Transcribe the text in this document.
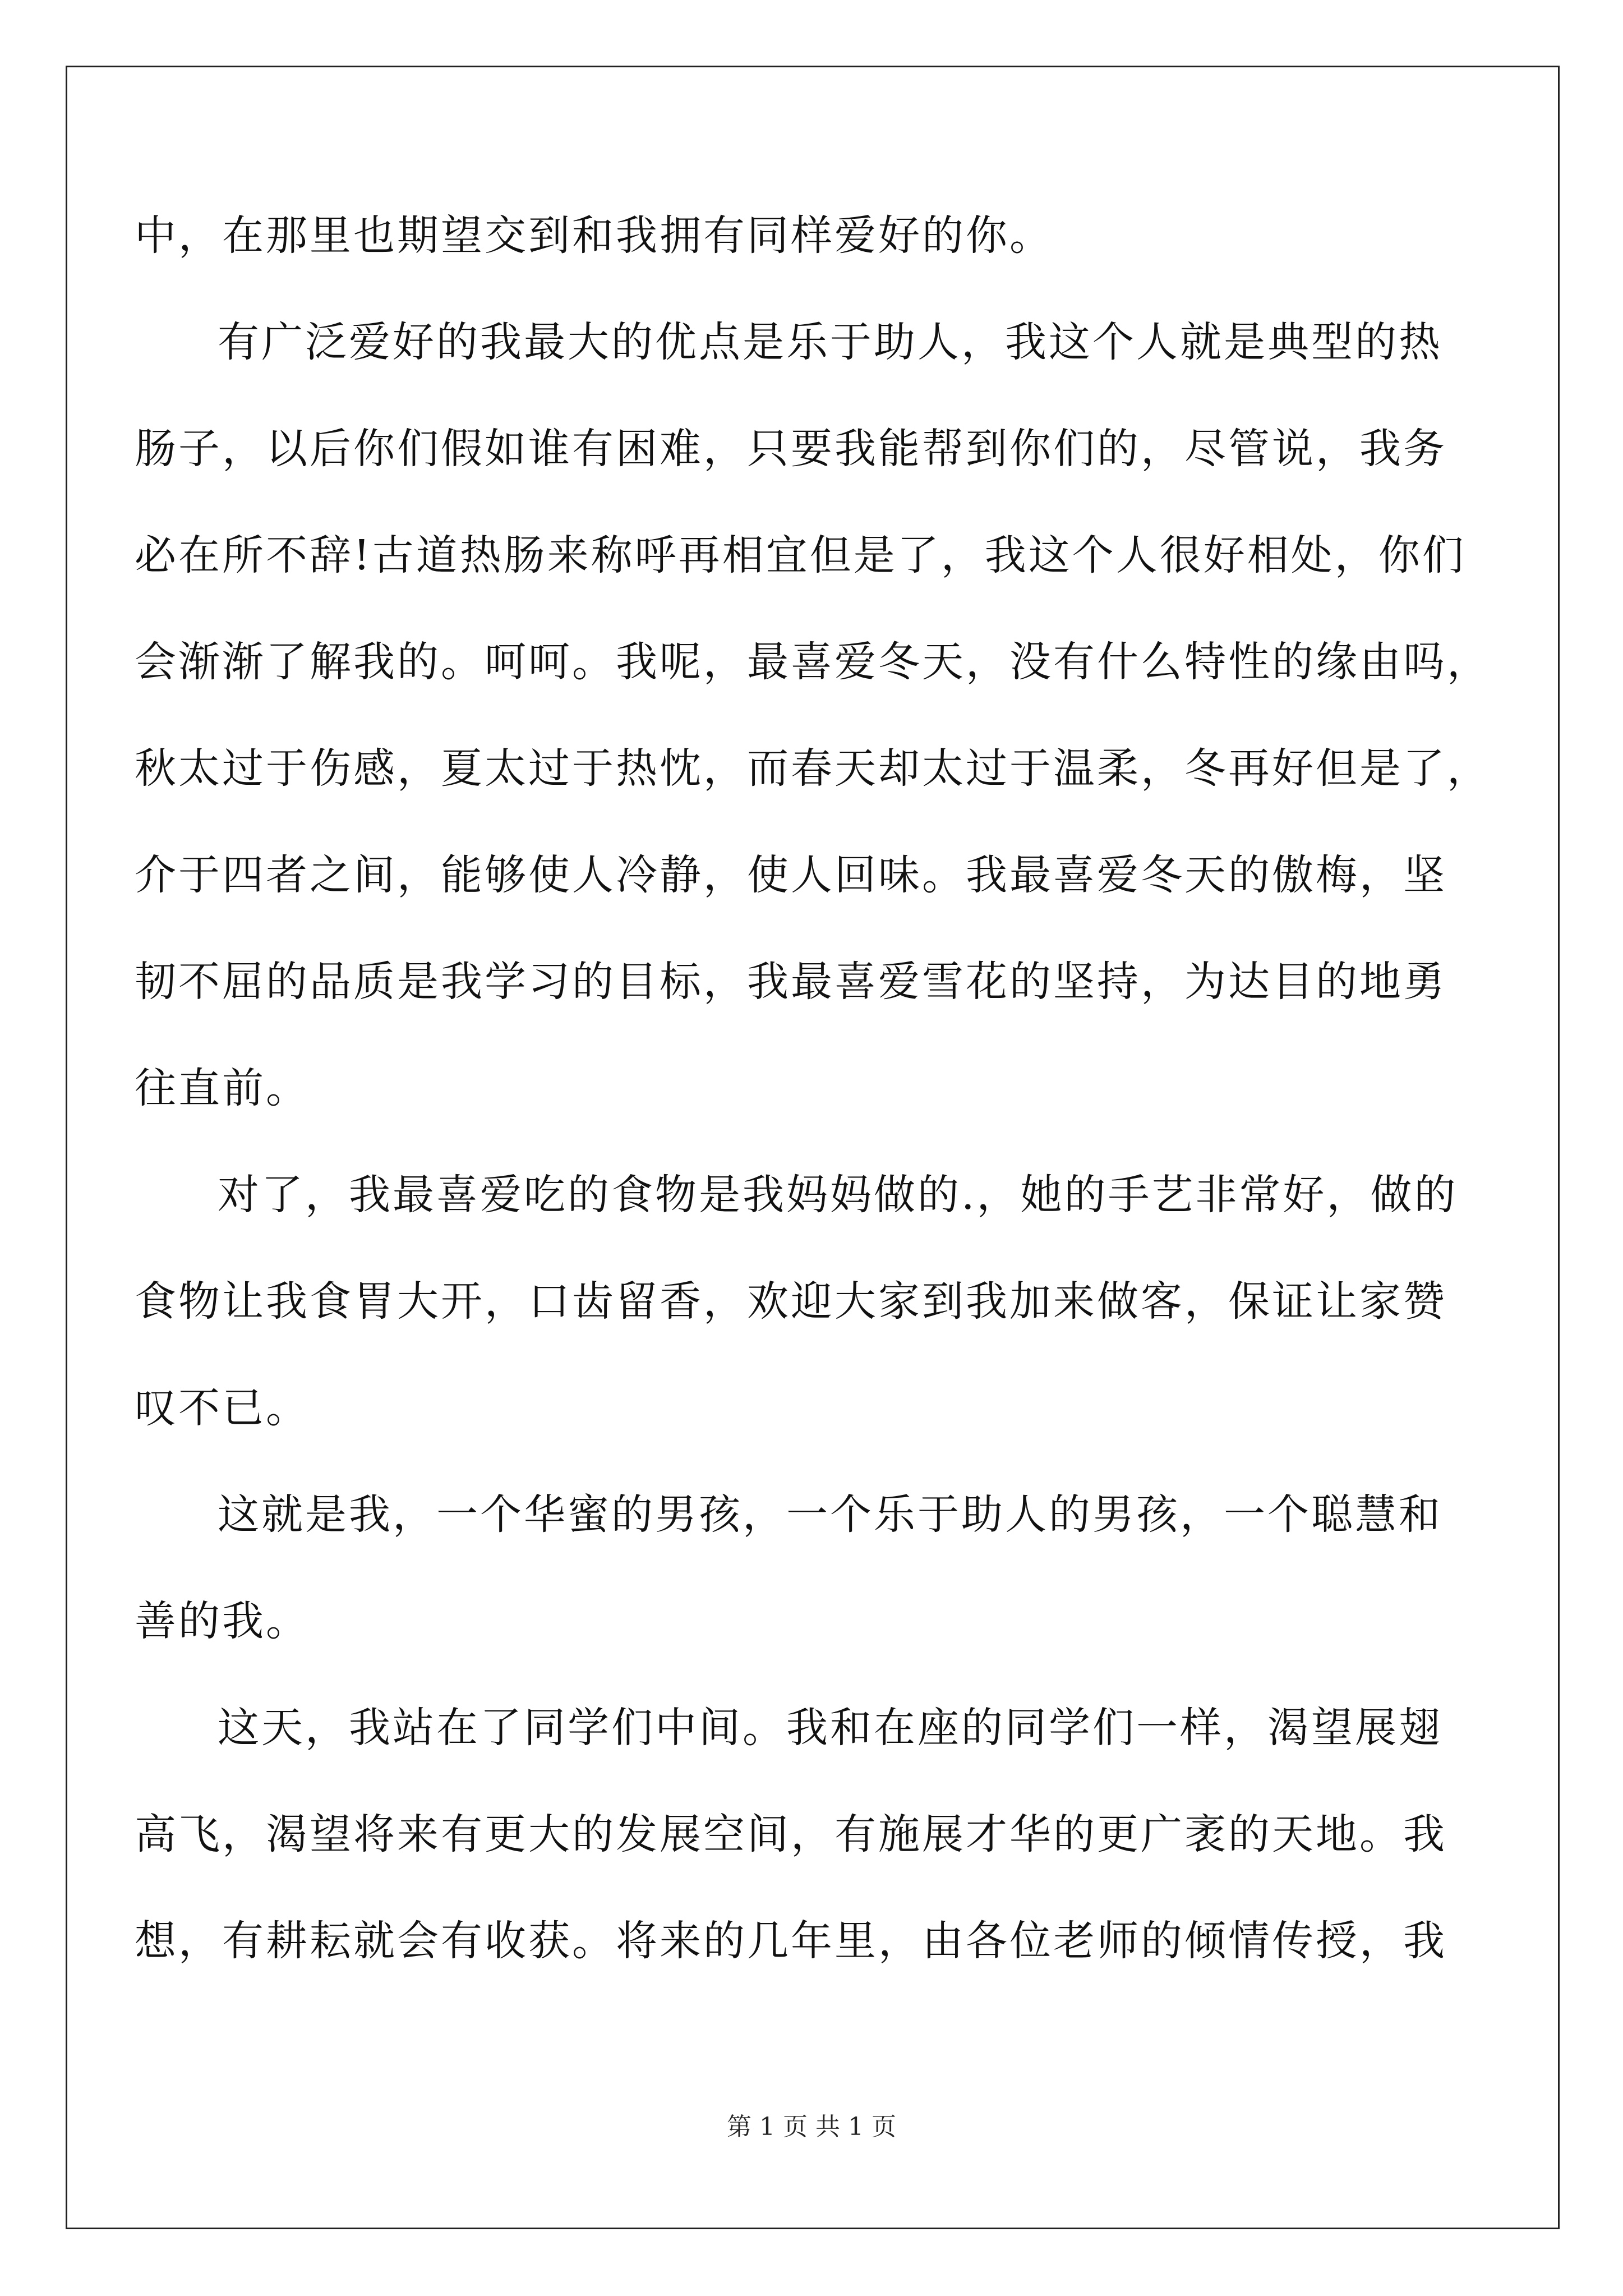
中，在那里也期望交到和我拥有同样爱好的你。
有广泛爱好的我最大的优点是乐于助人，我这个人就是典型的热
肠子，以后你们假如谁有困难，只要我能帮到你们的，尽管说，我务
必在所不辞!古道热肠来称呼再相宜但是了，我这个人很好相处，你们
会渐渐了解我的。呵呵。我呢，最喜爱冬天，没有什么特性的缘由吗，
秋太过于伤感，夏太过于热忱，而春天却太过于温柔，冬再好但是了，
介于四者之间，能够使人冷静，使人回味。我最喜爱冬天的傲梅，坚
韧不屈的品质是我学习的目标，我最喜爱雪花的坚持，为达目的地勇
往直前。
对了，我最喜爱吃的食物是我妈妈做的.，她的手艺非常好，做的
食物让我食胃大开，口齿留香，欢迎大家到我加来做客，保证让家赞
叹不已。
这就是我，一个华蜜的男孩，一个乐于助人的男孩，一个聪慧和
善的我。
这天，我站在了同学们中间。我和在座的同学们一样，渴望展翅
高飞，渴望将来有更大的发展空间，有施展才华的更广袤的天地。我
想，有耕耘就会有收获。将来的几年里，由各位老师的倾情传授，我
第 1 页 共 1 页
